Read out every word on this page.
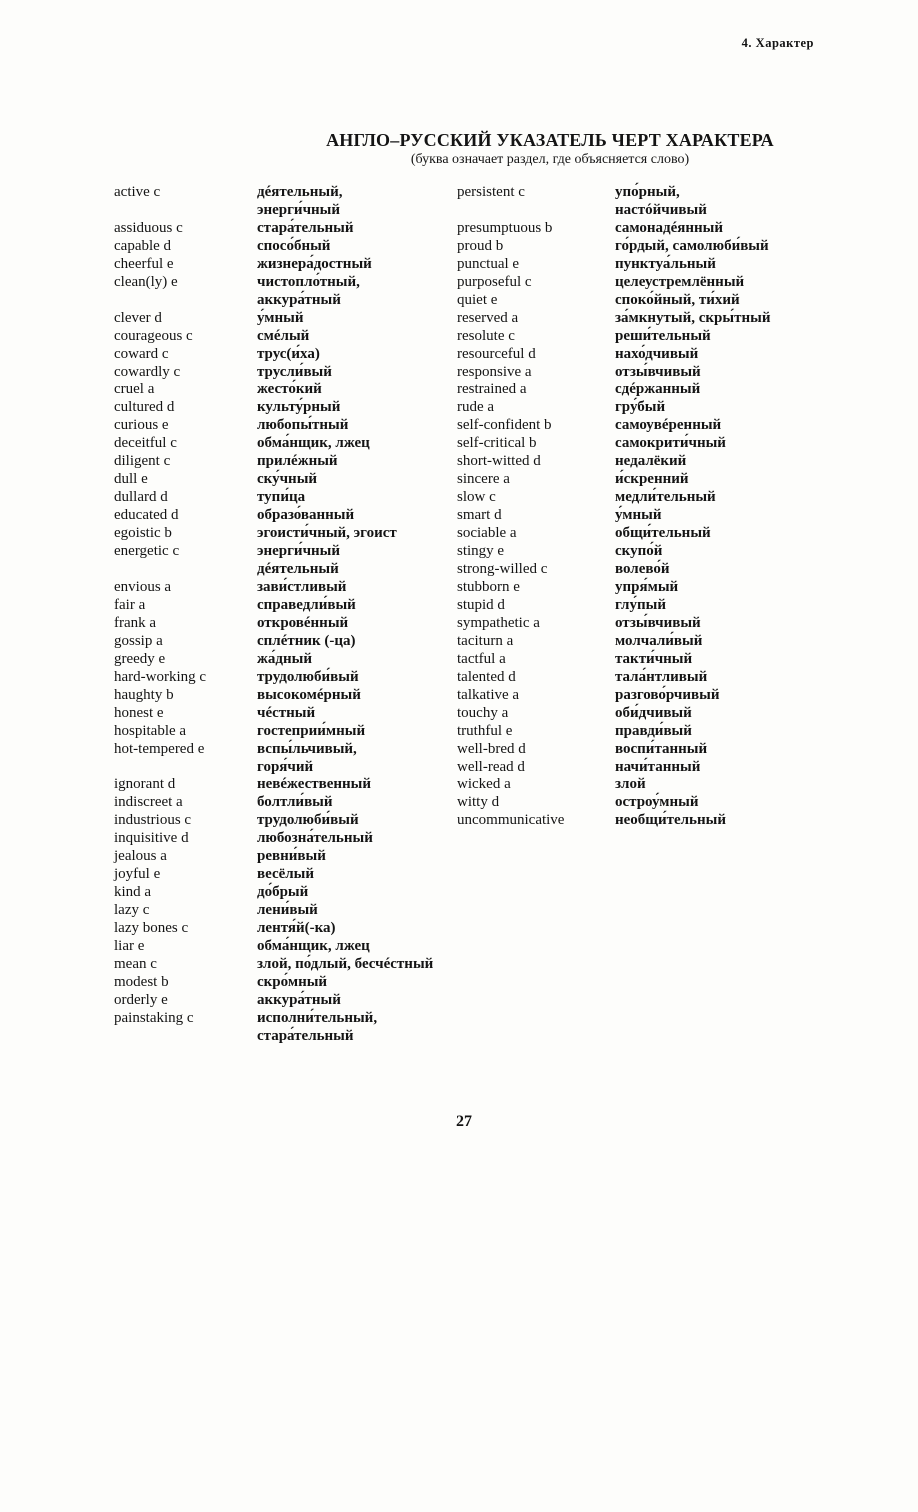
4. Характер
АНГЛО–РУССКИЙ УКАЗАТЕЛЬ ЧЕРТ ХАРАКТЕРА
(буква означает раздел, где объясняется слово)
active c	дéятельный,
энерги́чный
assiduous c	стара́тельный
capable d	спосо́бный
cheerful e	жизнера́достный
clean(ly) e	чистопло́тный,
аккура́тный
clever d	у́мный
courageous c	смéлый
coward c	трус(и́ха)
cowardly c	трусли́вый
cruel a	жесто́кий
cultured d	культу́рный
curious e	любопы́тный
deceitful c	обма́нщик, лжец
diligent c	прилéжный
dull e	ску́чный
dullard d	тупи́ца
educated d	образо́ванный
egoistic b	эгоисти́чный, эгоист
energetic c	энерги́чный
дéятельный
envious a	зави́стливый
fair a	справедли́вый
frank a	откровéнный
gossip a	сплéтник (-ца)
greedy e	жа́дный
hard-working c	трудолюби́вый
haughty b	высокомéрный
honest e	чéстный
hospitable a	гостеприи́мный
hot-tempered e	вспы́льчивый,
горя́чий
ignorant d	невéжественный
indiscreet a	болтли́вый
industrious c	трудолюби́вый
inquisitive d	любозна́тельный
jealous a	ревни́вый
joyful e	весёлый
kind a	до́брый
lazy c	лени́вый
lazy bones c	лентя́й(-ка)
liar e	обма́нщик, лжец
mean c	злой, по́длый, бесчéстный
modest b	скро́мный
orderly e	аккура́тный
painstaking c	исполни́тельный,
стара́тельный
persistent c	упо́рный,
настóйчивый
presumptuous b	самонадéянный
proud b	го́рдый, самолюби́вый
punctual e	пунктуа́льный
purposeful c	целеустремлённый
quiet e	споко́йный, ти́хий
reserved a	за́мкнутый, скры́тный
resolute c	реши́тельный
resourceful d	нахо́дчивый
responsive a	отзы́вчивый
restrained a	сдéржанный
rude a	гру́бый
self-confident b	самоувéренный
self-critical b	самокрити́чный
short-witted d	недалёкий
sincere a	и́скренний
slow c	медли́тельный
smart d	у́мный
sociable a	общи́тельный
stingy e	скупо́й
strong-willed c	волево́й
stubborn e	упря́мый
stupid d	глу́пый
sympathetic a	отзы́вчивый
taciturn a	молчали́вый
tactful a	такти́чный
talented d	тала́нтливый
talkative a	разгово́рчивый
touchy a	оби́дчивый
truthful e	правди́вый
well-bred d	воспи́танный
well-read d	начи́танный
wicked a	злой
witty d	остроу́мный
uncommunicative	необщи́тельный
27
